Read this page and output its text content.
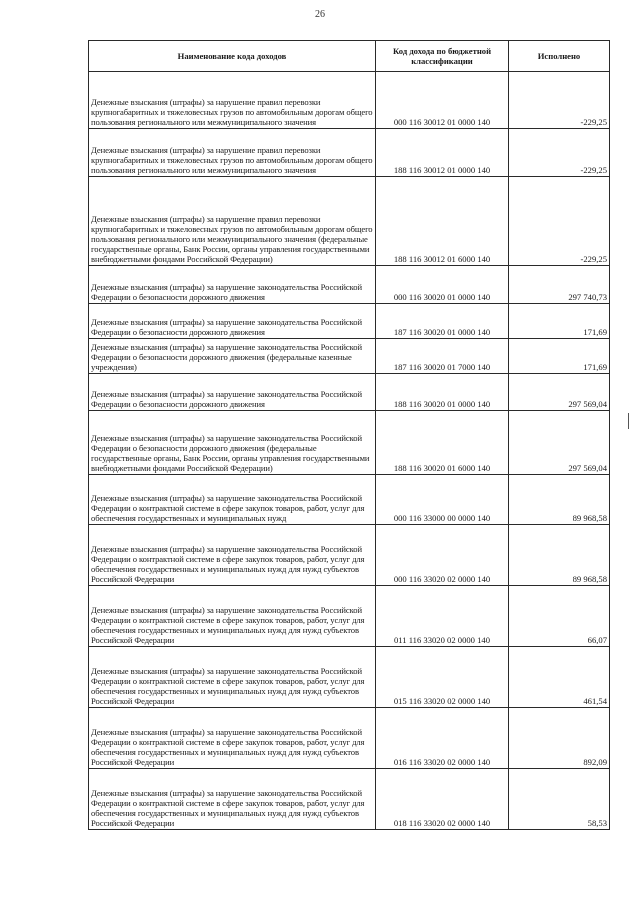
26
Наименование кода доходов	Код дохода по бюджетной классификации	Исполнено
Денежные взыскания (штрафы) за нарушение правил перевозки крупногабаритных и тяжеловесных грузов по автомобильным дорогам общего пользования регионального или межмуниципального значения	000 116 30012 01 0000 140	-229,25
Денежные взыскания (штрафы) за нарушение правил перевозки крупногабаритных и тяжеловесных грузов по автомобильным дорогам общего пользования регионального или межмуниципального значения	188 116 30012 01 0000 140	-229,25
Денежные взыскания (штрафы) за нарушение правил перевозки крупногабаритных и тяжеловесных грузов по автомобильным дорогам общего пользования регионального или межмуниципального значения (федеральные государственные органы, Банк России, органы управления государственными внебюджетными фондами Российской Федерации)	188 116 30012 01 6000 140	-229,25
Денежные взыскания (штрафы) за нарушение законодательства Российской Федерации о безопасности дорожного движения	000 116 30020 01 0000 140	297 740,73
Денежные взыскания (штрафы) за нарушение законодательства Российской Федерации о безопасности дорожного движения	187 116 30020 01 0000 140	171,69
Денежные взыскания (штрафы) за нарушение законодательства Российской Федерации о безопасности дорожного движения (федеральные казенные учреждения)	187 116 30020 01 7000 140	171,69
Денежные взыскания (штрафы) за нарушение законодательства Российской Федерации о безопасности дорожного движения	188 116 30020 01 0000 140	297 569,04
Денежные взыскания (штрафы) за нарушение законодательства Российской Федерации о безопасности дорожного движения (федеральные государственные органы, Банк России, органы управления государственными внебюджетными фондами Российской Федерации)	188 116 30020 01 6000 140	297 569,04
Денежные взыскания (штрафы) за нарушение законодательства Российской Федерации о контрактной системе в сфере закупок товаров, работ, услуг для обеспечения государственных и муниципальных нужд	000 116 33000 00 0000 140	89 968,58
Денежные взыскания (штрафы) за нарушение законодательства Российской Федерации о контрактной системе в сфере закупок товаров, работ, услуг для обеспечения государственных и муниципальных нужд для нужд субъектов Российской Федерации	000 116 33020 02 0000 140	89 968,58
Денежные взыскания (штрафы) за нарушение законодательства Российской Федерации о контрактной системе в сфере закупок товаров, работ, услуг для обеспечения государственных и муниципальных нужд для нужд субъектов Российской Федерации	011 116 33020 02 0000 140	66,07
Денежные взыскания (штрафы) за нарушение законодательства Российской Федерации о контрактной системе в сфере закупок товаров, работ, услуг для обеспечения государственных и муниципальных нужд для нужд субъектов Российской Федерации	015 116 33020 02 0000 140	461,54
Денежные взыскания (штрафы) за нарушение законодательства Российской Федерации о контрактной системе в сфере закупок товаров, работ, услуг для обеспечения государственных и муниципальных нужд для нужд субъектов Российской Федерации	016 116 33020 02 0000 140	892,09
Денежные взыскания (штрафы) за нарушение законодательства Российской Федерации о контрактной системе в сфере закупок товаров, работ, услуг для обеспечения государственных и муниципальных нужд для нужд субъектов Российской Федерации	018 116 33020 02 0000 140	58,53
